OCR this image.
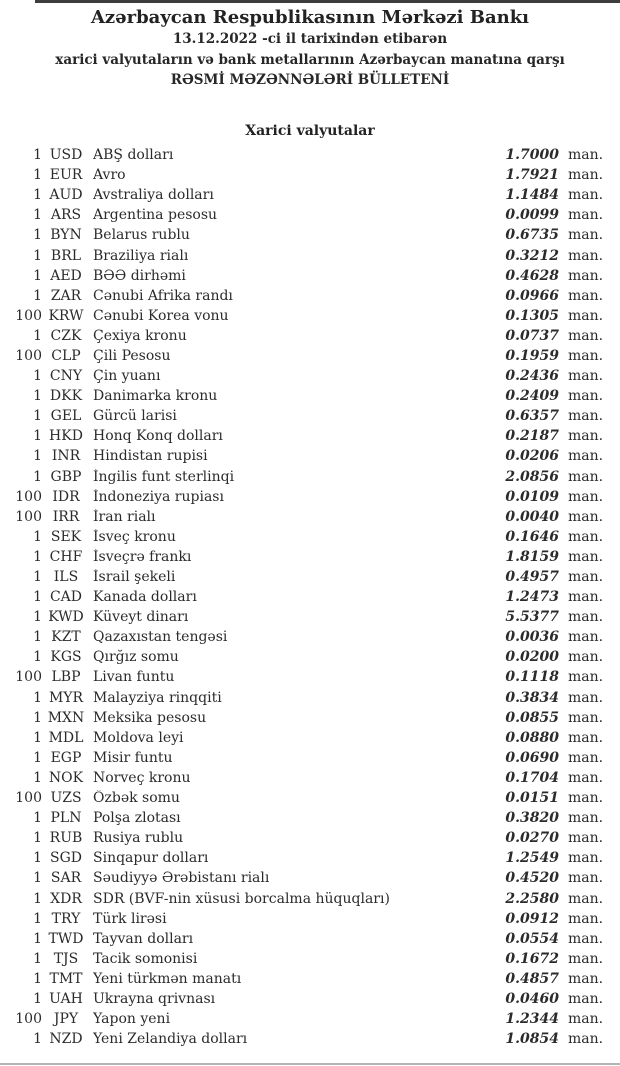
Azərbaycan Respublikasının Mərkəzi Bankı
13.12.2022 -ci il tarixindən etibarən
xarici valyutaların və bank metallarının Azərbaycan manatına qarşı
RƏSMİ MƏZƏNNƏLƏRİ BÜLLETENİ
Xarici valyutalar
1 USD ABŞ dolları	1.7000 man.
1 EUR Avro	1.7921 man.
1 AUD Avstraliya dolları	1.1484 man.
1 ARS Argentina pesosu	0.0099 man.
1 BYN Belarus rublu	0.6735 man.
1 BRL Braziliya rialı	0.3212 man.
1 AED BƏƏ dirhəmi	0.4628 man.
1 ZAR Cənubi Afrika randı	0.0966 man.
100 KRW Cənubi Korea vonu	0.1305 man.
1 CZK Çexiya kronu	0.0737 man.
100 CLP Çili Pesosu	0.1959 man.
1 CNY Çin yuanı	0.2436 man.
1 DKK Danimarka kronu	0.2409 man.
1 GEL Gürcü larisi	0.6357 man.
1 HKD Honq Konq dolları	0.2187 man.
1 INR Hindistan rupisi	0.0206 man.
1 GBP İngilis funt sterlinqi	2.0856 man.
100 IDR İndoneziya rupiası	0.0109 man.
100 IRR İran rialı	0.0040 man.
1 SEK İsveç kronu	0.1646 man.
1 CHF İsveçrə frankı	1.8159 man.
1 ILS	İsrail şekeli	0.4957 man.
1 CAD Kanada dolları	1.2473 man.
1 KWD Küveyt dinarı	5.5377 man.
1 KZT Qazaxıstan tengəsi	0.0036 man.
1 KGS Qırğız somu	0.0200 man.
100 LBP Livan funtu	0.1118 man.
1 MYR Malayziya rinqqiti	0.3834 man.
1 MXN Meksika pesosu	0.0855 man.
1 MDL Moldova leyi	0.0880 man.
1 EGP Misir funtu	0.0690 man.
1 NOK Norveç kronu	0.1704 man.
100 UZS Özbək somu	0.0151 man.
1 PLN Polşa zlotası	0.3820 man.
1 RUB Rusiya rublu	0.0270 man.
1 SGD Sinqapur dolları	1.2549 man.
1 SAR Səudiyyə Ərəbistanı rialı	0.4520 man.
1 XDR SDR (BVF-nin xüsusi borcalma hüquqları)	2.2580 man.
1 TRY Türk lirəsi	0.0912 man.
1 TWD Tayvan dolları	0.0554 man.
1 TJS	Tacik somonisi	0.1672 man.
1 TMT Yeni türkmən manatı	0.4857 man.
1 UAH Ukrayna qrivnası	0.0460 man.
100 JPY	Yapon yeni	1.2344 man.
1 NZD Yeni Zelandiya dolları	1.0854 man.
